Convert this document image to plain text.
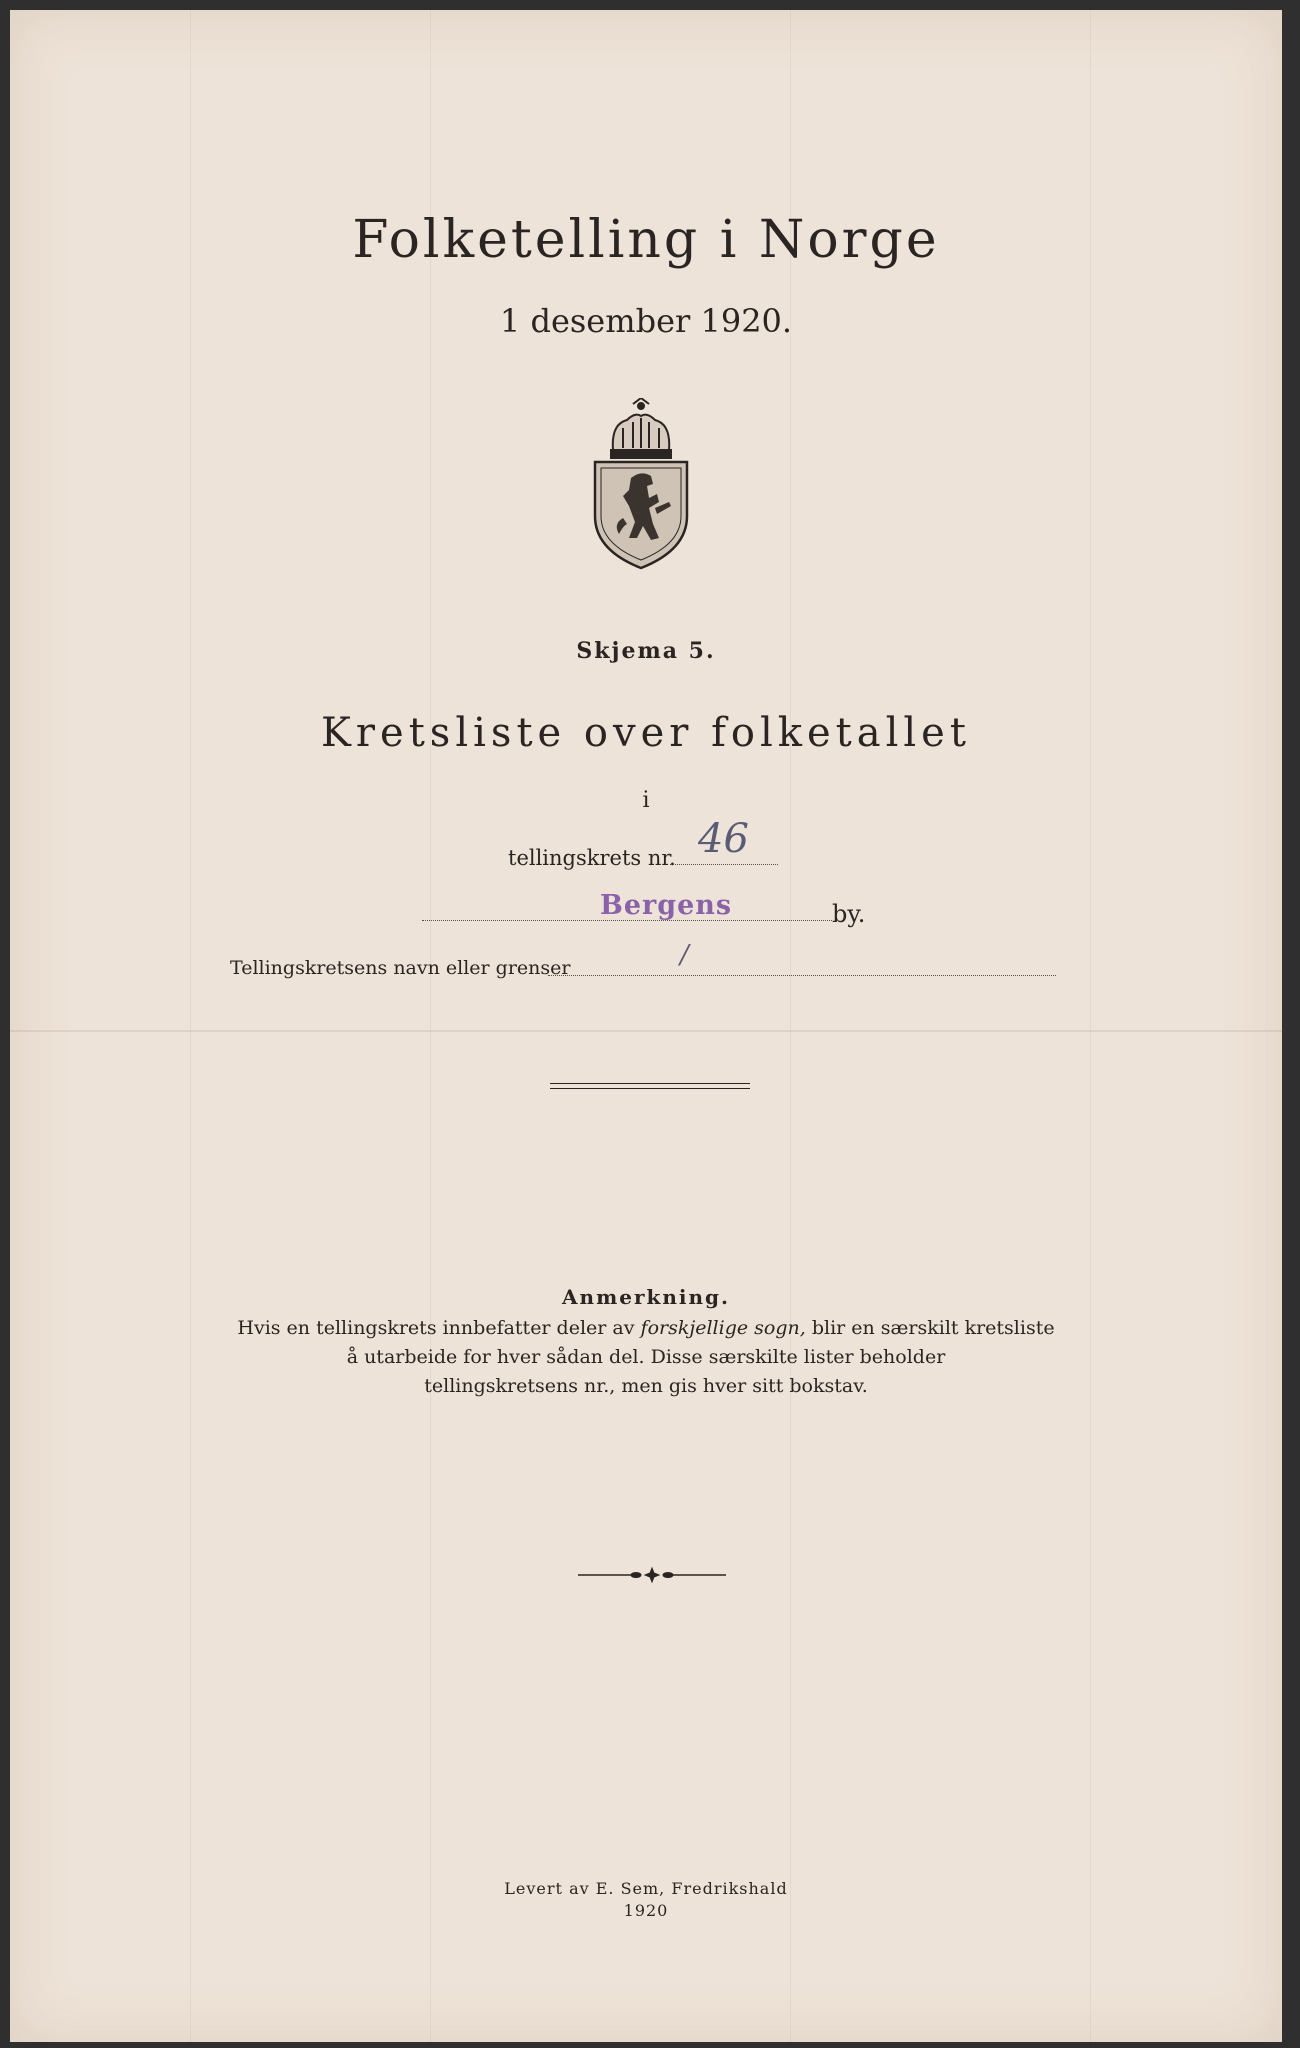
Folketelling i Norge
1 desember 1920.
Skjema 5.
Kretsliste over folketallet
i
tellingskrets nr. 46
Bergens	by.
Tellingskretsens navn eller grenser	/
Anmerkning.
Hvis en tellingskrets innbefatter deler av forskjellige sogn, blir en særskilt kretsliste
å utarbeide for hver sådan del. Disse særskilte lister beholder
tellingskretsens nr., men gis hver sitt bokstav.
Levert av E. Sem, Fredrikshald
1920
